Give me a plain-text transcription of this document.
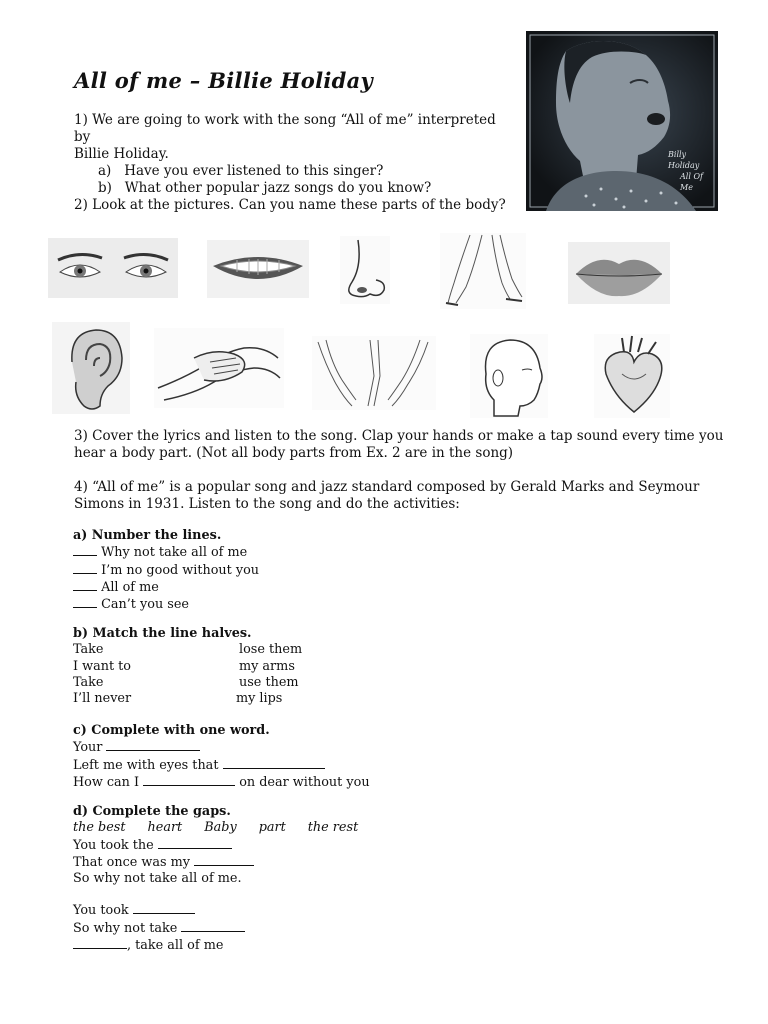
All of me – Billie Holiday
Billy Holiday
All Of Me
1) We are going to work with the song “All of me” interpreted by
Billie Holiday.
a)   Have you ever listened to this singer?
b)   What other popular jazz songs do you know?
2) Look at the pictures. Can you name these parts of the body?
3) Cover the lyrics and listen to the song. Clap your hands or make a tap sound every time you
hear a body part. (Not all body parts from Ex. 2 are in the song)
4) “All of me” is a popular song and jazz standard composed by Gerald Marks and Seymour
Simons in 1931. Listen to the song and do the activities:
a) Number the lines.
Why not take all of me
I’m no good without you
All of me
Can’t you see
b) Match the line halves.
Take	lose them
I want to	my arms
Take	use them
I’ll never	my lips
c) Complete with one word.
Your
Left me with eyes that
How can I	on dear without you
d) Complete the gaps.
the best heart Baby part the rest
You took the
That once was my
So why not take all of me.
You took
So why not take
, take all of me
